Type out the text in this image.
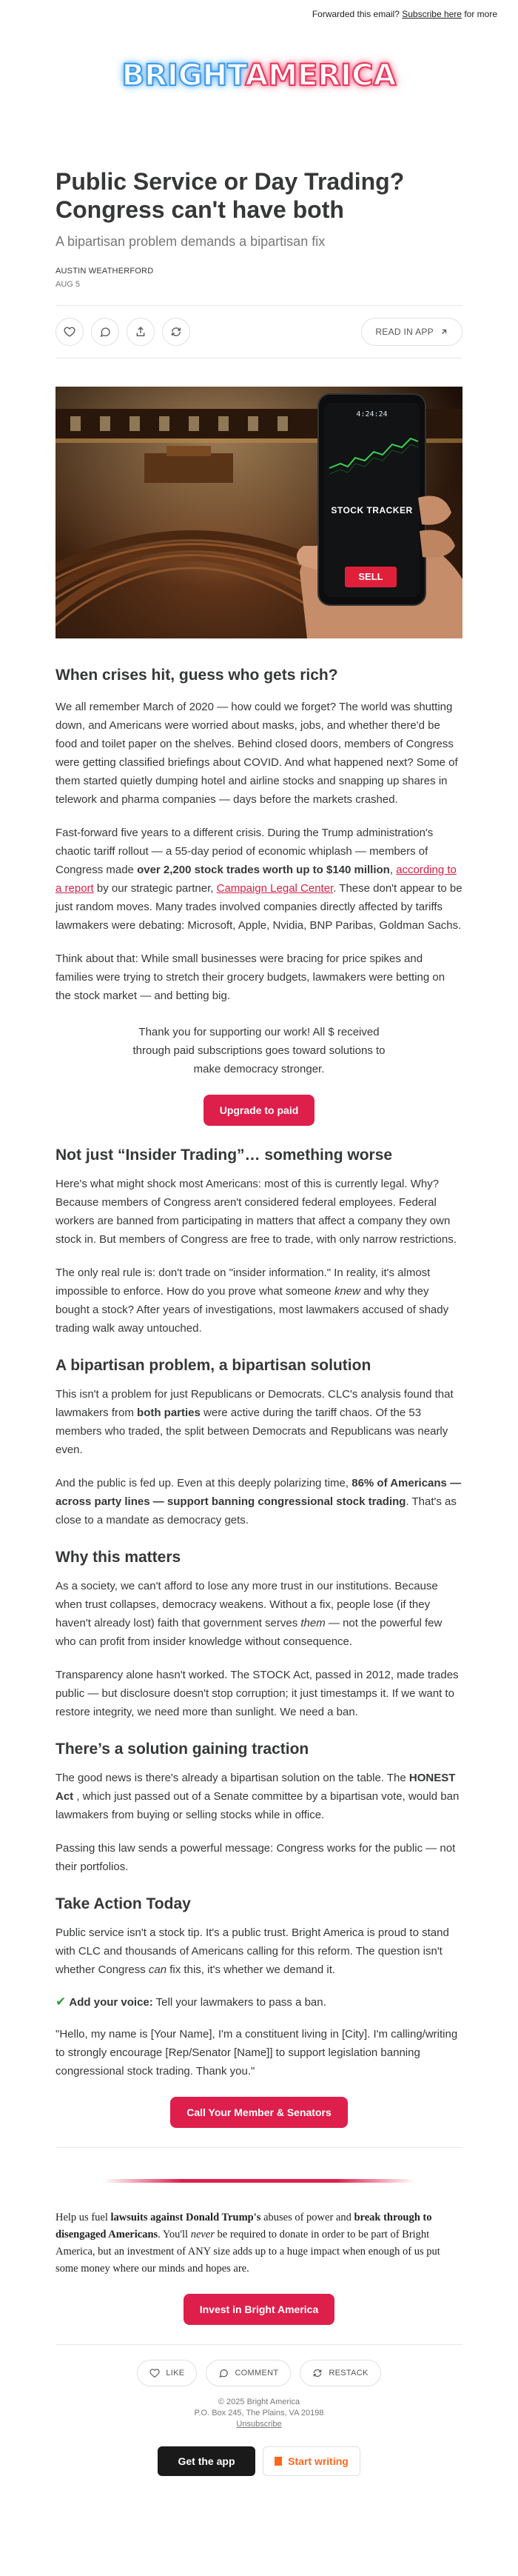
Forwarded this email? Subscribe here for more
BRIGHTAMERICA
Public Service or Day Trading? Congress can't have both
A bipartisan problem demands a bipartisan fix
AUSTIN WEATHERFORD
AUG 5
READ IN APP
4:24:24
STOCK TRACKER
SELL
When crises hit, guess who gets rich?

We all remember March of 2020 — how could we forget? The world was shutting down, and Americans were worried about masks, jobs, and whether there'd be food and toilet paper on the shelves. Behind closed doors, members of Congress were getting classified briefings about COVID. And what happened next? Some of them started quietly dumping hotel and airline stocks and snapping up shares in telework and pharma companies — days before the markets crashed.

Fast-forward five years to a different crisis. During the Trump administration's chaotic tariff rollout — a 55-day period of economic whiplash — members of Congress made over 2,200 stock trades worth up to $140 million, according to a report by our strategic partner, Campaign Legal Center. These don't appear to be just random moves. Many trades involved companies directly affected by tariffs lawmakers were debating: Microsoft, Apple, Nvidia, BNP Paribas, Goldman Sachs.

Think about that: While small businesses were bracing for price spikes and families were trying to stretch their grocery budgets, lawmakers were betting on the stock market — and betting big.

Thank you for supporting our work! All $ received through paid subscriptions goes toward solutions to make democracy stronger.

Upgrade to paid
Not just “Insider Trading”… something worse

Here's what might shock most Americans: most of this is currently legal. Why? Because members of Congress aren't considered federal employees. Federal workers are banned from participating in matters that affect a company they own stock in. But members of Congress are free to trade, with only narrow restrictions.

The only real rule is: don't trade on "insider information." In reality, it's almost impossible to enforce. How do you prove what someone knew and why they bought a stock? After years of investigations, most lawmakers accused of shady trading walk away untouched.

A bipartisan problem, a bipartisan solution

This isn't a problem for just Republicans or Democrats. CLC's analysis found that lawmakers from both parties were active during the tariff chaos. Of the 53 members who traded, the split between Democrats and Republicans was nearly even.

And the public is fed up. Even at this deeply polarizing time, 86% of Americans — across party lines — support banning congressional stock trading. That's as close to a mandate as democracy gets.

Why this matters

As a society, we can't afford to lose any more trust in our institutions. Because when trust collapses, democracy weakens. Without a fix, people lose (if they haven't already lost) faith that government serves them — not the powerful few who can profit from insider knowledge without consequence.

Transparency alone hasn't worked. The STOCK Act, passed in 2012, made trades public — but disclosure doesn't stop corruption; it just timestamps it. If we want to restore integrity, we need more than sunlight. We need a ban.

There’s a solution gaining traction

The good news is there's already a bipartisan solution on the table. The HONEST Act , which just passed out of a Senate committee by a bipartisan vote, would ban lawmakers from buying or selling stocks while in office.

Passing this law sends a powerful message: Congress works for the public — not their portfolios.

Take Action Today

Public service isn't a stock tip. It's a public trust. Bright America is proud to stand with CLC and thousands of Americans calling for this reform. The question isn't whether Congress can fix this, it's whether we demand it.

✔ Add your voice: Tell your lawmakers to pass a ban.

"Hello, my name is [Your Name], I'm a constituent living in [City]. I'm calling/writing to strongly encourage [Rep/Senator [Name]] to support legislation banning congressional stock trading. Thank you."

Call Your Member & Senators

Help us fuel lawsuits against Donald Trump's abuses of power and break through to disengaged Americans. You'll never be required to donate in order to be part of Bright America, but an investment of ANY size adds up to a huge impact when enough of us put some money where our minds and hopes are.

Invest in Bright America
LIKE	COMMENT	RESTACK
© 2025 Bright America
P.O. Box 245, The Plains, VA 20198
Unsubscribe
Get the app	Start writing
